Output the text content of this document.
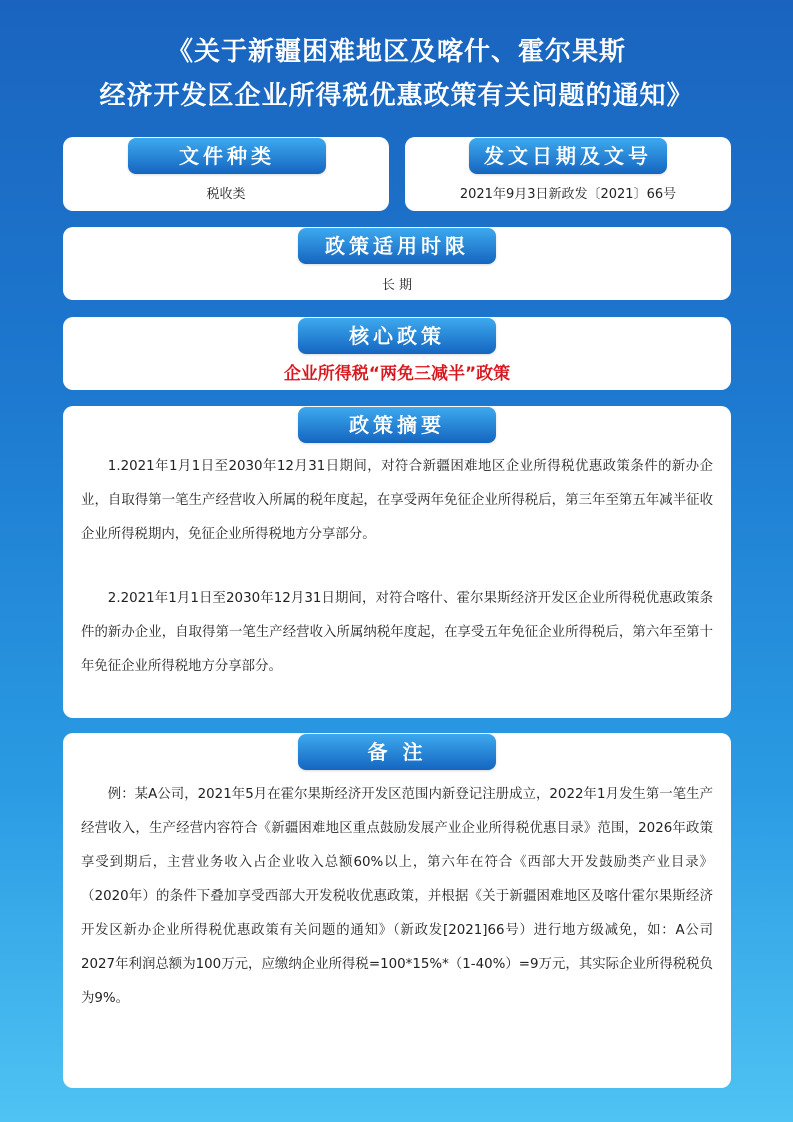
《关于新疆困难地区及喀什、霍尔果斯
经济开发区企业所得税优惠政策有关问题的通知》
税收类
文件种类
2021年9月3日新政发〔2021〕66号
发文日期及文号
长 期
政策适用时限
企业所得税“两免三减半”政策
核心政策

1.2021年1月1日至2030年12月31日期间，对符合新疆困难地区企业所得税优惠政策条件的新办企业，自取得第一笔生产经营收入所属的税年度起，在享受两年免征企业所得税后，第三年至第五年减半征收企业所得税期内，免征企业所得税地方分享部分。

2.2021年1月1日至2030年12月31日期间，对符合喀什、霍尔果斯经济开发区企业所得税优惠政策条件的新办企业，自取得第一笔生产经营收入所属纳税年度起，在享受五年免征企业所得税后，第六年至第十年免征企业所得税地方分享部分。

政策摘要

例：某A公司，2021年5月在霍尔果斯经济开发区范围内新登记注册成立，2022年1月发生第一笔生产经营收入，生产经营内容符合《新疆困难地区重点鼓励发展产业企业所得税优惠目录》范围，2026年政策享受到期后，主营业务收入占企业收入总额60%以上，第六年在符合《西部大开发鼓励类产业目录》（2020年）的条件下叠加享受西部大开发税收优惠政策，并根据《关于新疆困难地区及喀什霍尔果斯经济开发区新办企业所得税优惠政策有关问题的通知》（新政发[2021]66号）进行地方级减免，如：A公司2027年利润总额为100万元，应缴纳企业所得税=100*15%*（1-40%）=9万元，其实际企业所得税税负为9%。

备 注
